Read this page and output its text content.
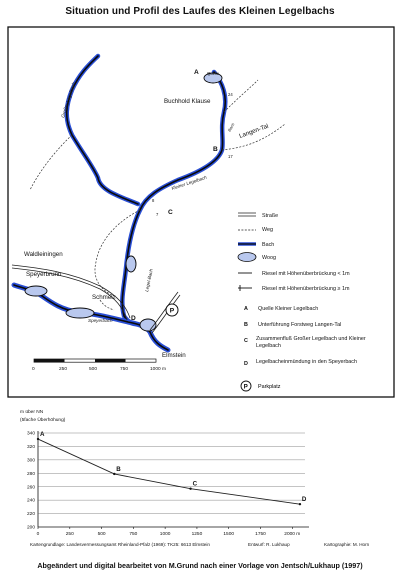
Situation und Profil des Laufes des Kleinen Legelbachs
Buchhold Klause
Quelle
Langen-Tal
Waldleiningen
Speyerbrunn
Schmelz
Elmstein
Großer Legelbach
Kleiner Legelbach
Legel-Bach
Speyerbach
Bach
A
B
C
D
24
17
8
7
P
0	250	500	750	1000 m
Straße
Weg
Bach
Woog
Riesel mit Höhenüberbrückung < 1m
Riesel mit Höhenüberbrückung ≥ 1m
A Quelle Kleiner Legelbach
B Unterführung Forstweg Langen-Tal
C Zusammenfluß Großer Legelbach und Kleiner Legelbach
D Legelbacheinmündung in den Speyerbach
P Parkplatz
m über NN
(5fache Überhöhung)
340
320
300
280
260
240
220
200
0	250	500	750	1000	1250	1500	1750	2000 m
A
B
C
D
Kartengrundlage: Landesvermessungsamt Rheinland-Pfalz (1969): TK25: 6613 Elmstein	Entwurf: R. Lukhaup	Kartographie: M. Horn
Abgeändert und digital bearbeitet von M.Grund nach einer Vorlage von Jentsch/Lukhaup (1997)
